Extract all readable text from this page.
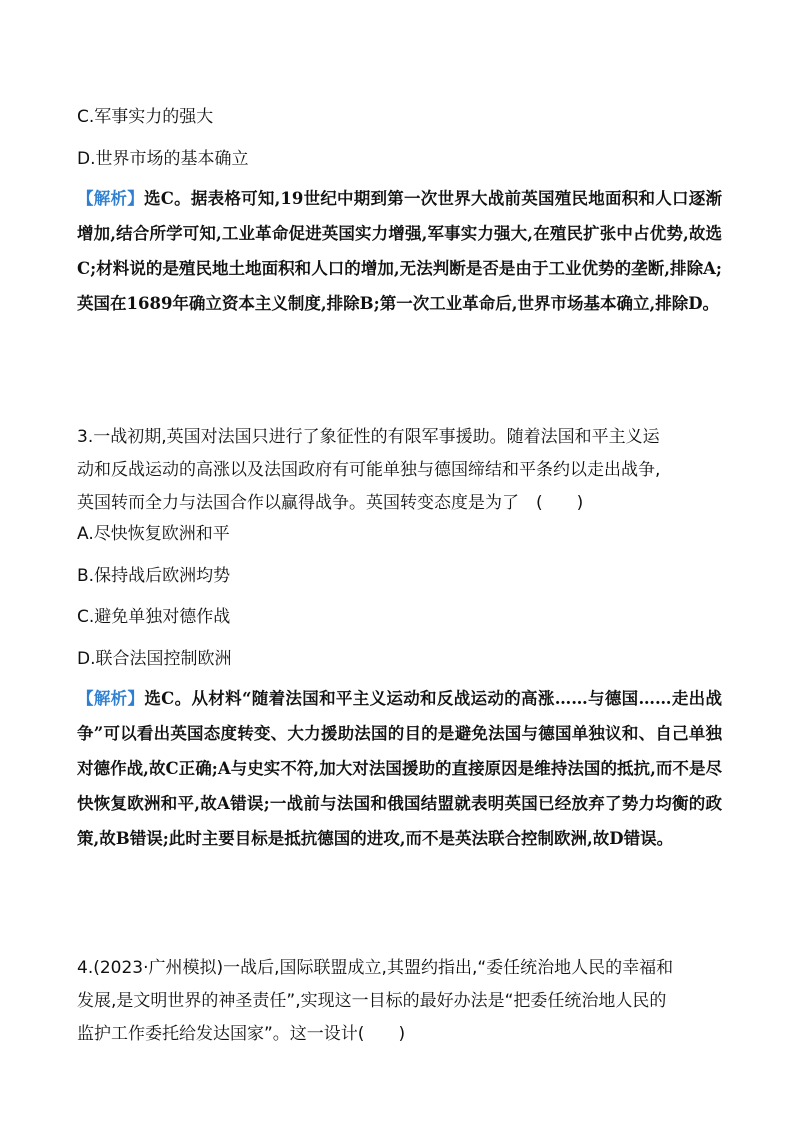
C.军事实力的强大
D.世界市场的基本确立
【解析】选C。据表格可知,19世纪中期到第一次世界大战前英国殖民地面积和人口逐渐增加,结合所学可知,工业革命促进英国实力增强,军事实力强大,在殖民扩张中占优势,故选C;材料说的是殖民地土地面积和人口的增加,无法判断是否是由于工业优势的垄断,排除A;英国在1689年确立资本主义制度,排除B;第一次工业革命后,世界市场基本确立,排除D。
3.一战初期,英国对法国只进行了象征性的有限军事援助。随着法国和平主义运
动和反战运动的高涨以及法国政府有可能单独与德国缔结和平条约以走出战争,
英国转而全力与法国合作以赢得战争。英国转变态度是为了　(　　)
A.尽快恢复欧洲和平
B.保持战后欧洲均势
C.避免单独对德作战
D.联合法国控制欧洲
【解析】选C。从材料“随着法国和平主义运动和反战运动的高涨……与德国……走出战争”可以看出英国态度转变、大力援助法国的目的是避免法国与德国单独议和、自己单独对德作战,故C正确;A与史实不符,加大对法国援助的直接原因是维持法国的抵抗,而不是尽快恢复欧洲和平,故A错误;一战前与法国和俄国结盟就表明英国已经放弃了势力均衡的政策,故B错误;此时主要目标是抵抗德国的进攻,而不是英法联合控制欧洲,故D错误。
4.(2023·广州模拟)一战后,国际联盟成立,其盟约指出,“委任统治地人民的幸福和
发展,是文明世界的神圣责任”,实现这一目标的最好办法是“把委任统治地人民的
监护工作委托给发达国家”。这一设计(　　)
